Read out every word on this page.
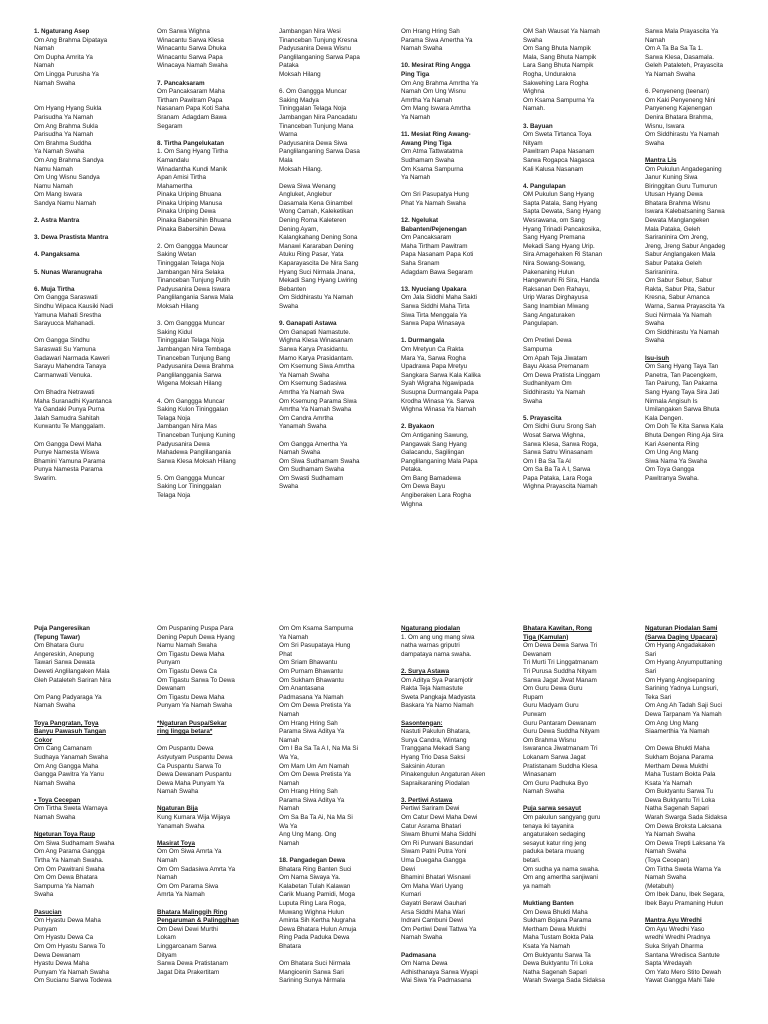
1. Ngaturang Asep
Om Ang Brahma Dipataya
Namah
Om Dupha Amrita Ya
Namah
Om Lingga Purusha Ya
Namah Swaha
Om Hyang Hyang Sukla
Parisudha Ya Namah
Om Ang Brahma Sukla
Parisudha Ya Namah
Om Brahma Suddha
Ya Namah Swaha
Om Ang Brahma Sandya
Namu Namah
Om Ung Wisnu Sandya
Namu Namah
Om Mang Iswara
Sandya Namu Namah
2. Astra Mantra
3. Dewa Prastista Mantra
4. Pangaksama
5. Nunas Waranugraha
6. Muja Tirtha
Om Gangga Saraswati
Sindhu Wipaca Kausiki Nadi
Yamuna Mahati Srestha
Sarayucca Mahanadi.
Om Gangga Sindhu
Saraswati Su Yamuna
Gadawari Narmada Kaweri
Sarayu Mahendra Tanaya
Carmanwati Venuka.
Om Bhadra Netrawati
Maha Suranadhi Kyantanca
Ya Gandaki Punya Purna
Jalah Samudra Sahitah
Kurwantu Te Manggalam.
Om Gangga Dewi Maha
Punye Namesta Wiswa
Bhamini Yamuna Parama
Punya Namesta Parama
Swarim.
Om Sarwa Wighna
Winacantu Sarwa Klesa
Winacantu Sarwa Dhuka
Winacantu Sarwa Papa
Winacaya Namah Swaha
7. Pancaksaram
Om Pancaksaram Maha
Tirtham Pawitram Papa
Nasanam Papa Koti Saha
Sranam  Adagdam Bawa
Segaram
8. Tirtha Pangelukatan
1. Om Sang Hyang Tirtha
Kamandalu
Winadantha Kundi Manik
Apan Amisi Tirtha
Mahamertha
Pinaka Uriping Bhuana
Pinaka Uriping Manusa
Pinaka Uriping Dewa
Pinaka Babersihin Bhuana
Pinaka Babersihin Dewa
2. Om Ganggga Mauncar
Saking Wetan
Tininggalan Telaga Noja
Jambangan Nira Selaka
Tinanceban Tunjung Putih
Padyusanira Dewa Iswara
Panglilangania Sarwa Mala
Moksah Hilang
3. Om Ganggga Muncar
Saking Kidul
Tininggalan Telaga Noja
Jambangan Nira Tembaga
Tinanceban Tunjung Bang
Padyusanira Dewa Brahma
Panglilanggania Sarwa
Wigena Moksah Hilang
4. Om Ganggga Muncar
Saking Kulon Tininggalan
Telaga Noja
Jambangan Nira Mas
Tinanceban Tunjung Kuning
Padyusanira Dewa
Mahadewa Panglilangania
Sarwa Klesa Moksah Hilang
5. Om Ganggga Muncar
Saking Lor Tininggalan
Telaga Noja
Jambangan Nira Wesi
Tinanceban Tunjung Kresna
Padyusanira Dewa Wisnu
Panglilanganing Sarwa Papa
Pataka
Moksah Hilang
6. Om Ganggga Muncar
Saking Madya
Tininggalan Telaga Noja
Jambangan Nira Pancadatu
Tinanceban Tunjung Mana
Warna
Padyusanira Dewa Siwa
Panglilanganing Sarwa Dasa
Mala
Moksah Hilang.
Dewa Siwa Wenang
Angluket, Anglebur
Dasamala Kena Ginambel
Wong Camah, Kaleketikan
Dening Roma Kaleteren
Dening Ayam,
Kalangkahang Dening Sona
Manawi Kararaban Dening
Atuku Ring Pasar, Yata
Kaparayascita De Nira Sang
Hyang Suci Nirmala Jnana,
Mekadi Sang Hyang Lwiring
Bebanten
Om Siddhirastu Ya Namah
Swaha
9. Ganapati Astawa
Om Ganapati Namastute.
Wighna Klesa Winasanam
Sarwa Karya Prasidantu.
Mamo Karya Prasidantam.
Om Ksemung Siwa Amrtha
Ya Namah Swaha
Om Ksemung Sadasiwa
Amrtha Ya Namah Swa
Om Ksemung Parama Siwa
Amrtha Ya Namah Swaha
Om Candra Amrtha
Yanamah Swaha
Om Gangga Amertha Ya
Namah Swaha
Om Siwa Sudhamam Swaha
Om Sudhamam Swaha
Om Swasti Sudhamam
Swaha
Om Hrang Hring Sah
Parama Siwa Amertha Ya
Namah Swaha
10. Mesirat Ring Angga
Ping Tiga
Om Ang Brahma Amrtha Ya
Namah Om Ung Wisnu
Amrtha Ya Namah
Om Mang Iswara Amrtha
Ya Namah
11. Mesiat Ring Awang-
Awang Ping Tiga
Om Atma Tattwatatma
Sudhamam Swaha
Om Ksama Sampurna
Ya Namah
Om Sri Pasupatya Hung
Phat Ya Namah Swaha
12. Ngelukat
Babanten/Pejenengan
Om Pancaksaram
Maha Tirtham Pawitram
Papa Nasanam Papa Koti
Saha Sranam
Adagdam Bawa Segaram
13. Nyuciang Upakara
Om Jala Siddhi Maha Sakti
Sarwa Siddhi Maha Tirta
Siwa Tirta Menggala Ya
Sarwa Papa Winasaya
1. Durmangala
Om Mretyun Ca Rakta
Mara Ya, Sarwa Rogha
Upadrawa Papa Mretyu
Sangkara Sarwa Kala Kalika
Syah Wigraha Ngawipada
Susupna Durmangala Papa
Krodha Winasa Ya. Sarwa
Wighna Winasa Ya Namah
2. Byakaon
Om Antiganing Sawung,
Pangawak Sang Hyang
Galacandu, Sagilingan
Panglilanganing Mala Papa
Petaka.
Om Bang Bamadewa
Om Dewa Bayu
Angiberaken Lara Rogha
Wighna
OM Sah Wausat Ya Namah
Swaha
Om Sang Bhuta Nampik
Mala, Sang Bhuta Nampik
Lara Sang Bhuta Nampik
Rogha, Undurakna
Sakwehing Lara Rogha
Wighna
Om Ksama Sampurna Ya
Namah.
3. Bayuan
Om Sweta Tirtanca Toya
Nityam
Pawitram Papa Nasanam
Sarwa Rogapca Nagasca
Kali Kalusa Nasanam
4. Pangulapan
OM Pukulun Sang Hyang
Sapta Patala, Sang Hyang
Sapta Dewata, Sang Hyang
Wesrawana, om Sang
Hyang Trinadi Pancakosika,
Sang Hyang Premana
Mekadi Sang Hyang Urip.
Sira Amagehaken Ri Stanan
Nira Sowang-Sowang,
Pakenaning Hulun
Hangewruhi Ri Sira, Handa
Raksanan Den Rahayu,
Urip Waras Dirghayusa
Sang Inambian Miwang
Sang Angaturaken
Pangulapan.
Om Pretiwi Dewa
Sampurna
Om Apah Teja Jiwatam
Bayu Akasa Premanam
Om Dewa Pratista Linggam
Sudhanityam Om
Siddhirastu Ya Namah
Swaha
5. Prayascita
Om Sidhi Guru Srong Sah
Wosat Sarwa Wighna,
Sarwa Klesa, Sarwa Roga,
Sarwa Satru Winasanam
Om I Ba Sa Ta Al
Om Sa Ba Ta A I, Sarwa
Papa Pataka, Lara Roga
Wighna Prayascita Namah
Sarwa Mala Prayascita Ya
Namah
Om A Ta Ba Sa Ta 1.
Sarwa Klesa, Dasamala.
Geleh Pataleteh, Prayascita
Ya Namah Swaha
6. Penyeneng (teenan)
Om Kaki Penyeneng Nini
Panyeneng Kajenengan
Denira Bhatara Brahma,
Wisnu, Iswara
Om Siddhirastu Ya Namah
Swaha
Mantra Lis
Om Pukulun Angadeganing
Janur Kuning Siwa
Biringgitan Guru Tumurun
Utusan Hyang Dewa
Bhatara Brahma Wisnu
Iswara Kalebatsaning Sarwa
Dewata Manglangeken
Mala Pataka, Geleh
Sariraninira Om Jreng,
Jreng, Jreng Sabur Angadeg
Sabur Anglangaken Mala
Sabur Pataka Geleh
Sariraninira.
Om Sabur Sebur, Sabur
Rakta, Sabur Pita, Sabur
Kresna, Sabur Amanca
Warna, Sarwa Prayascita Ya
Suci Nirmala Ya Namah
Swaha
Om Siddhirastu Ya Namah
Swaha
Isu-isuh
Om Sang Hyang Taya Tan
Panetra, Tan Pacengkem,
Tan Pairung, Tan Pakarna
Sang Hyang Taya Sira Jati
Nirmala Angisuh Is
Umilangaken Sarwa Bhuta
Kala Dengen.
Om Doh Te Kita Sarwa Kala
Bhuta Dengen Ring Aja Sira
Kari Asenenta Ring
Om Ung Ang Mang
Siwa Nama Ya Swaha
Om Toya Gangga
Pawitranya Swaha.
Puja Pangeresikan
(Tepung Tawar)
Om Bhatara Guru
Angereskin, Anepung
Tawari Sarwa Dewata
Deweti Anglilangaken Mala
Gleh Pataleteh Sariran Nira
Om Pang Padyaraga Ya
Namah Swaha
Toya Pangratan, Toya
Banyu Pawasuh Tangan
Cokor
Om Cang Camanam
Sudhaya Yanamah Swaha
Om Ang Gangga Maha
Gangga Pawitra Ya Yanu
Namah Swaha
• Toya Cecepan
Om Tirtha Sweta Warnaya
Namah Swaha
Ngeturan Toya Raup
Om Siwa Sudhamam Swaha
Om Ang Parama Gangga
Tirtha Ya Namah Swaha.
Om Om Pawitrani Swaha
Om Om Dewa Bhatara
Sampurna Ya Namah
Swaha
Pasucian
Om Hyastu Dewa Maha
Punyam
Om Hyastu Dewa Ca
Om Om Hyastu Sarwa To
Dewa Dewanam
Hyastu Dewa Maha
Punyam Ya Namah Swaha
Om Sucianu Sarwa Todewa
Om Puspaning Puspa Para
Dening Pepuh Dewa Hyang
Namu Namah Swaha
Om Tigastu Dewa Maha
Punyam
Om Tigastu Dewa Ca
Om Tigastu Sarwa To Dewa
Dewanam
Om Tigastu Dewa Maha
Punyam Ya Namah Swaha
*Ngaturan Puspa/Sekar
ring lingga betara*
Om Puspantu Dewa
Astyutyam Puspantu Dewa
Ca Puspantu Sarwa To
Dewa Dewanam Puspantu
Dewa Maha Punyam Ya
Namah Swaha
Ngaturan Bija
Kung Kumara Wija Wijaya
Yanamah Swaha
Masirat Toya
Om Om Siwa Amrta Ya
Namah
Om Om Sadasiwa Amrta Ya
Namah
Om Om Parama Siwa
Amrta Ya Namah
Bhatara Malinggih Ring
Pengaruman & Palinggihan
Om Dewi Dewi Murthi
Lokam
Linggarcanam Sarwa
Dityam
Sarwa Dewa Pratistanam
Jagat Dita Prakertitam
Om Om Ksama Sampurna
Ya Namah
Om Sri Pasupataya Hung
Phat
Om Sriam Bhawantu
Om Purnam Bhawantu
Om Sukham Bhawantu
Om Anantasana
Padmasana Ya Namah
Om Om Dewa Pretista Ya
Namah
Om Hrang Hring Sah
Parama Siwa Aditya Ya
Namah
Om I Ba Sa Ta A I, Na Ma Si
Wa Ya,
Om Mam Um Am Namah
Om Om Dewa Pretista Ya
Namah
Om Hrang Hring Sah
Parama Siwa Aditya Ya
Namah
Om Sa Ba Ta Ai, Na Ma Si
Wa Ya
Ang Ung Mang. Ong
Namah
18. Pangadegan Dewa
Bhatara Ring Banten Suci
Om Nama Siwaya Ya.
Kalabetan Tulah Kalawan
Carik Muang Pamidi, Moga
Luputa Ring Lara Roga,
Muwang Wighna Hulun
Aminta Sih Kertha Nugraha
Dewa Bhatara Hulun Amuja
Ring Pada Paduka Dewa
Bhatara
Om Bhatara Suci Nirmala
Mangicenin Sarwa Sari
Sarining Sunya Nirmala
Ngaturang piodalan
1. Om ang ung mang siwa
natha warnas griputri
dampataya nama swaha.
2. Surya Astawa
Om Aditya Sya Paramjotir
Rakta Teja Namastute
Sweta Pangkaja Madyasta
Baskara Ya Namo Namah
Sasontengan:
Nastuti Pakulun Bhatara,
Surya Candra, Wintang
Tranggana Mekadi Sang
Hyang Trio Dasa Saksi
Saksinin Aturan
Pinakengulun Angaturan Aken
Sapraikaraning Piodalan
3. Pertiwi Astawa
Pertiwi Sariram Dewi
Om Catur Dewi Maha Dewi
Catur Asrama Bhatari
Siwam Bhumi Maha Siddhi
Om Ri Purwani Basundari
Siwam Patni Putra Yoni
Uma Duegaha Gangga
Dewi
Bhamini Bhatari Wisnawi
Om Maha Wari Uyang
Kumari
Gayatri Berawi Gauhari
Arsa Siddhi Maha Wari
Indrani Cambuni Dewi
Om Pertiwi Dewi Tattwa Ya
Namah Swaha
Padmasana
Om Nama Dewa
Adhisthanaya Sarwa Wyapi
Wai Siwa Ya Padmasana
Bhatara Kawitan, Rong
Tiga (Kamulan)
Om Dewa Dewa Sarwa Tri
Dewanam
Tri Murti Tri Linggatmanam
Tri Purusa Suddha Nityam
Sarwa Jagat Jiwat Manam
Om Guru Dewa Guru
Rupam
Guru Madyam Guru
Purwam
Guru Pantaram Dewanam
Guru Dewa Suddha Nityam
Om Brahma Wisnu
Iswaranca Jiwatmanam Tri
Lokanam Sarwa Jagat
Pratistanam Suddha Klesa
Winasanam
Om Guru Padhuka Byo
Namah Swaha
Puja sarwa sesayut
Om pakulun sangyang guru
tenaya iki tayanira
angaturaken sedaging
sesayut katur ring jeng
paduka betara muang
betari.
Om sudha ya nama swaha.
Om ang amertha sanjiwani
ya namah
Muktiang Banten
Om Dewa Bhukti Maha
Sukham Bojana Parama
Mertham Dewa Mukthi
Maha Tustam Bokta Pala
Ksata Ya Namah
Om Buktyantu Sarwa Ta
Dewa Buktyantu Tri Loka
Natha Sagenah Sapari
Warah Swarga Sada Sidaksa
Ngaturan Piodalan Sami
(Sarwa Daging Upacara)
Om Hyang Angadakaken
Sari
Om Hyang Anyumputtaning
Sari
Om Hyang Angisepaning
Sarining Yadnya Lungsuri,
Teka Sari
Om Ang Ah Tadah Saji Suci
Dewa Tarpanam Ya Namah
Om Ang Ung Mang
Siaamerthia Ya Namah
Om Dewa Bhukti Maha
Sukham Bojana Parama
Mertham Dewa Mukthi
Maha Tustam Bokta Pala
Ksata Ya Namah
Om Buktyantu Sarwa Tu
Dewa Buktyantu Tri Loka
Natha Sagenah Sapari
Warah Swarga Sada Sidaksa
Om Dewa Broksta Laksana
Ya Namah Swaha
Om Dewa Trepti Laksana Ya
Namah Swaha
(Toya Cecepan)
Om Tirtha Sweta Warna Ya
Namah Swaha
(Metabuh)
Om Ibek Danu, Ibek Segara,
Ibek Bayu Pramaning Hulun
Mantra Ayu Wredhi
Om Ayu Wredhi Yaso
wredhi Wredhi Pradnya
Suka Sriyah Dharma
Santana Wredisca Santute
Sapta Wredayah
Om Yato Mero Stito Dewah
Yawat Gangga Mahi Tale
